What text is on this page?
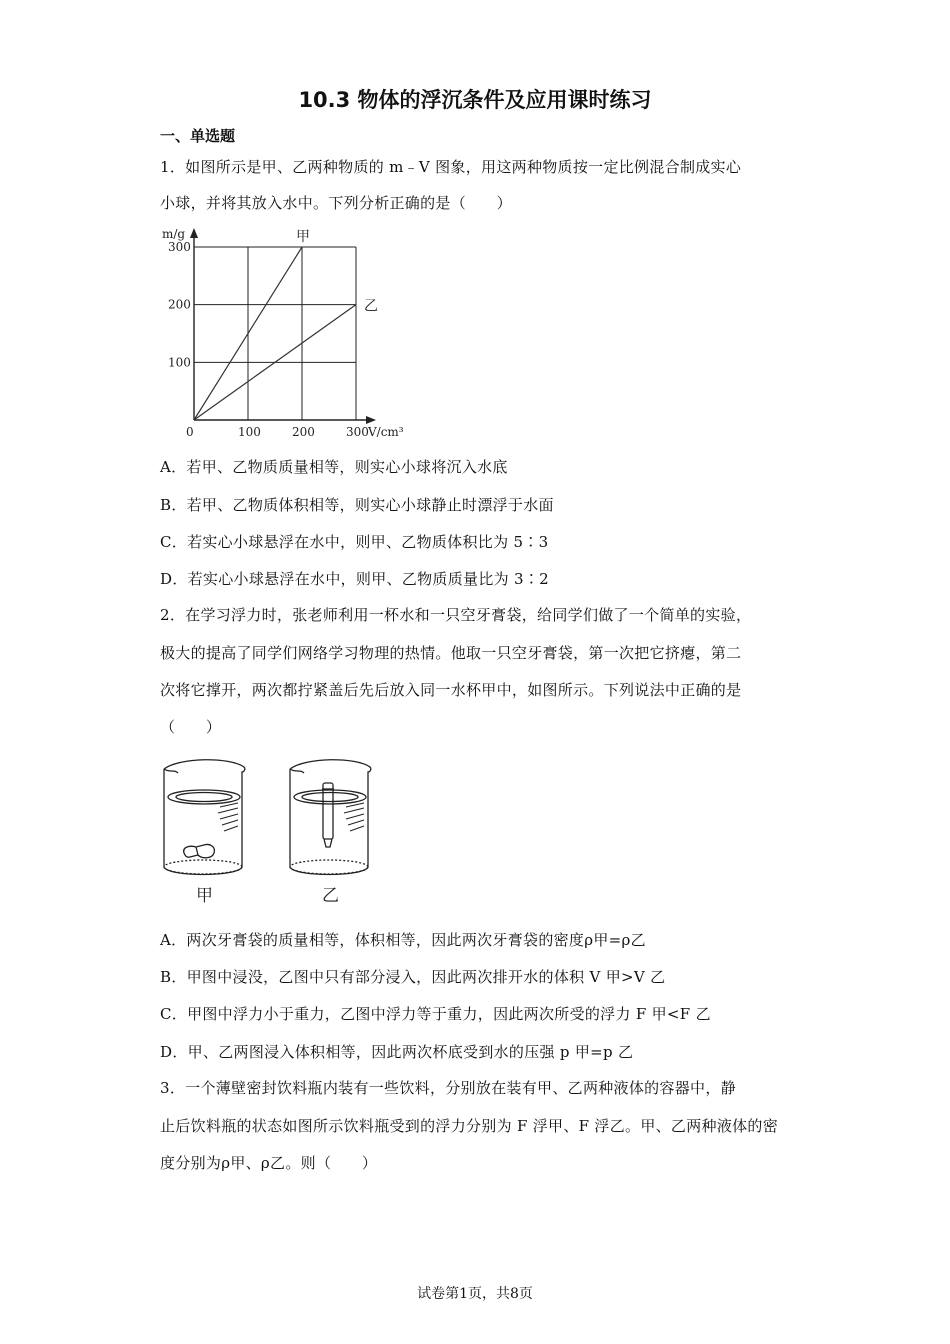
10.3 物体的浮沉条件及应用课时练习
一、单选题
1．如图所示是甲、乙两种物质的 m﹣V 图象，用这两种物质按一定比例混合制成实心
小球，并将其放入水中。下列分析正确的是（　　）
甲
乙
0	100	200	300
100
200
300
m/g
V/cm³
A．若甲、乙物质质量相等，则实心小球将沉入水底
B．若甲、乙物质体积相等，则实心小球静止时漂浮于水面
C．若实心小球悬浮在水中，则甲、乙物质体积比为 5∶3
D．若实心小球悬浮在水中，则甲、乙物质质量比为 3∶2
2．在学习浮力时，张老师利用一杯水和一只空牙膏袋，给同学们做了一个简单的实验，
极大的提高了同学们网络学习物理的热情。他取一只空牙膏袋，第一次把它挤瘪，第二
次将它撑开，两次都拧紧盖后先后放入同一水杯甲中，如图所示。下列说法中正确的是
（　　）
甲	乙
A．两次牙膏袋的质量相等，体积相等，因此两次牙膏袋的密度ρ甲=ρ乙
B．甲图中浸没，乙图中只有部分浸入，因此两次排开水的体积 V 甲>V 乙
C．甲图中浮力小于重力，乙图中浮力等于重力，因此两次所受的浮力 F 甲<F 乙
D．甲、乙两图浸入体积相等，因此两次杯底受到水的压强 p 甲=p 乙
3．一个薄壁密封饮料瓶内装有一些饮料，分别放在装有甲、乙两种液体的容器中，静
止后饮料瓶的状态如图所示饮料瓶受到的浮力分别为 F 浮甲、F 浮乙。甲、乙两种液体的密
度分别为ρ甲、ρ乙。则（　　）
试卷第1页，共8页
